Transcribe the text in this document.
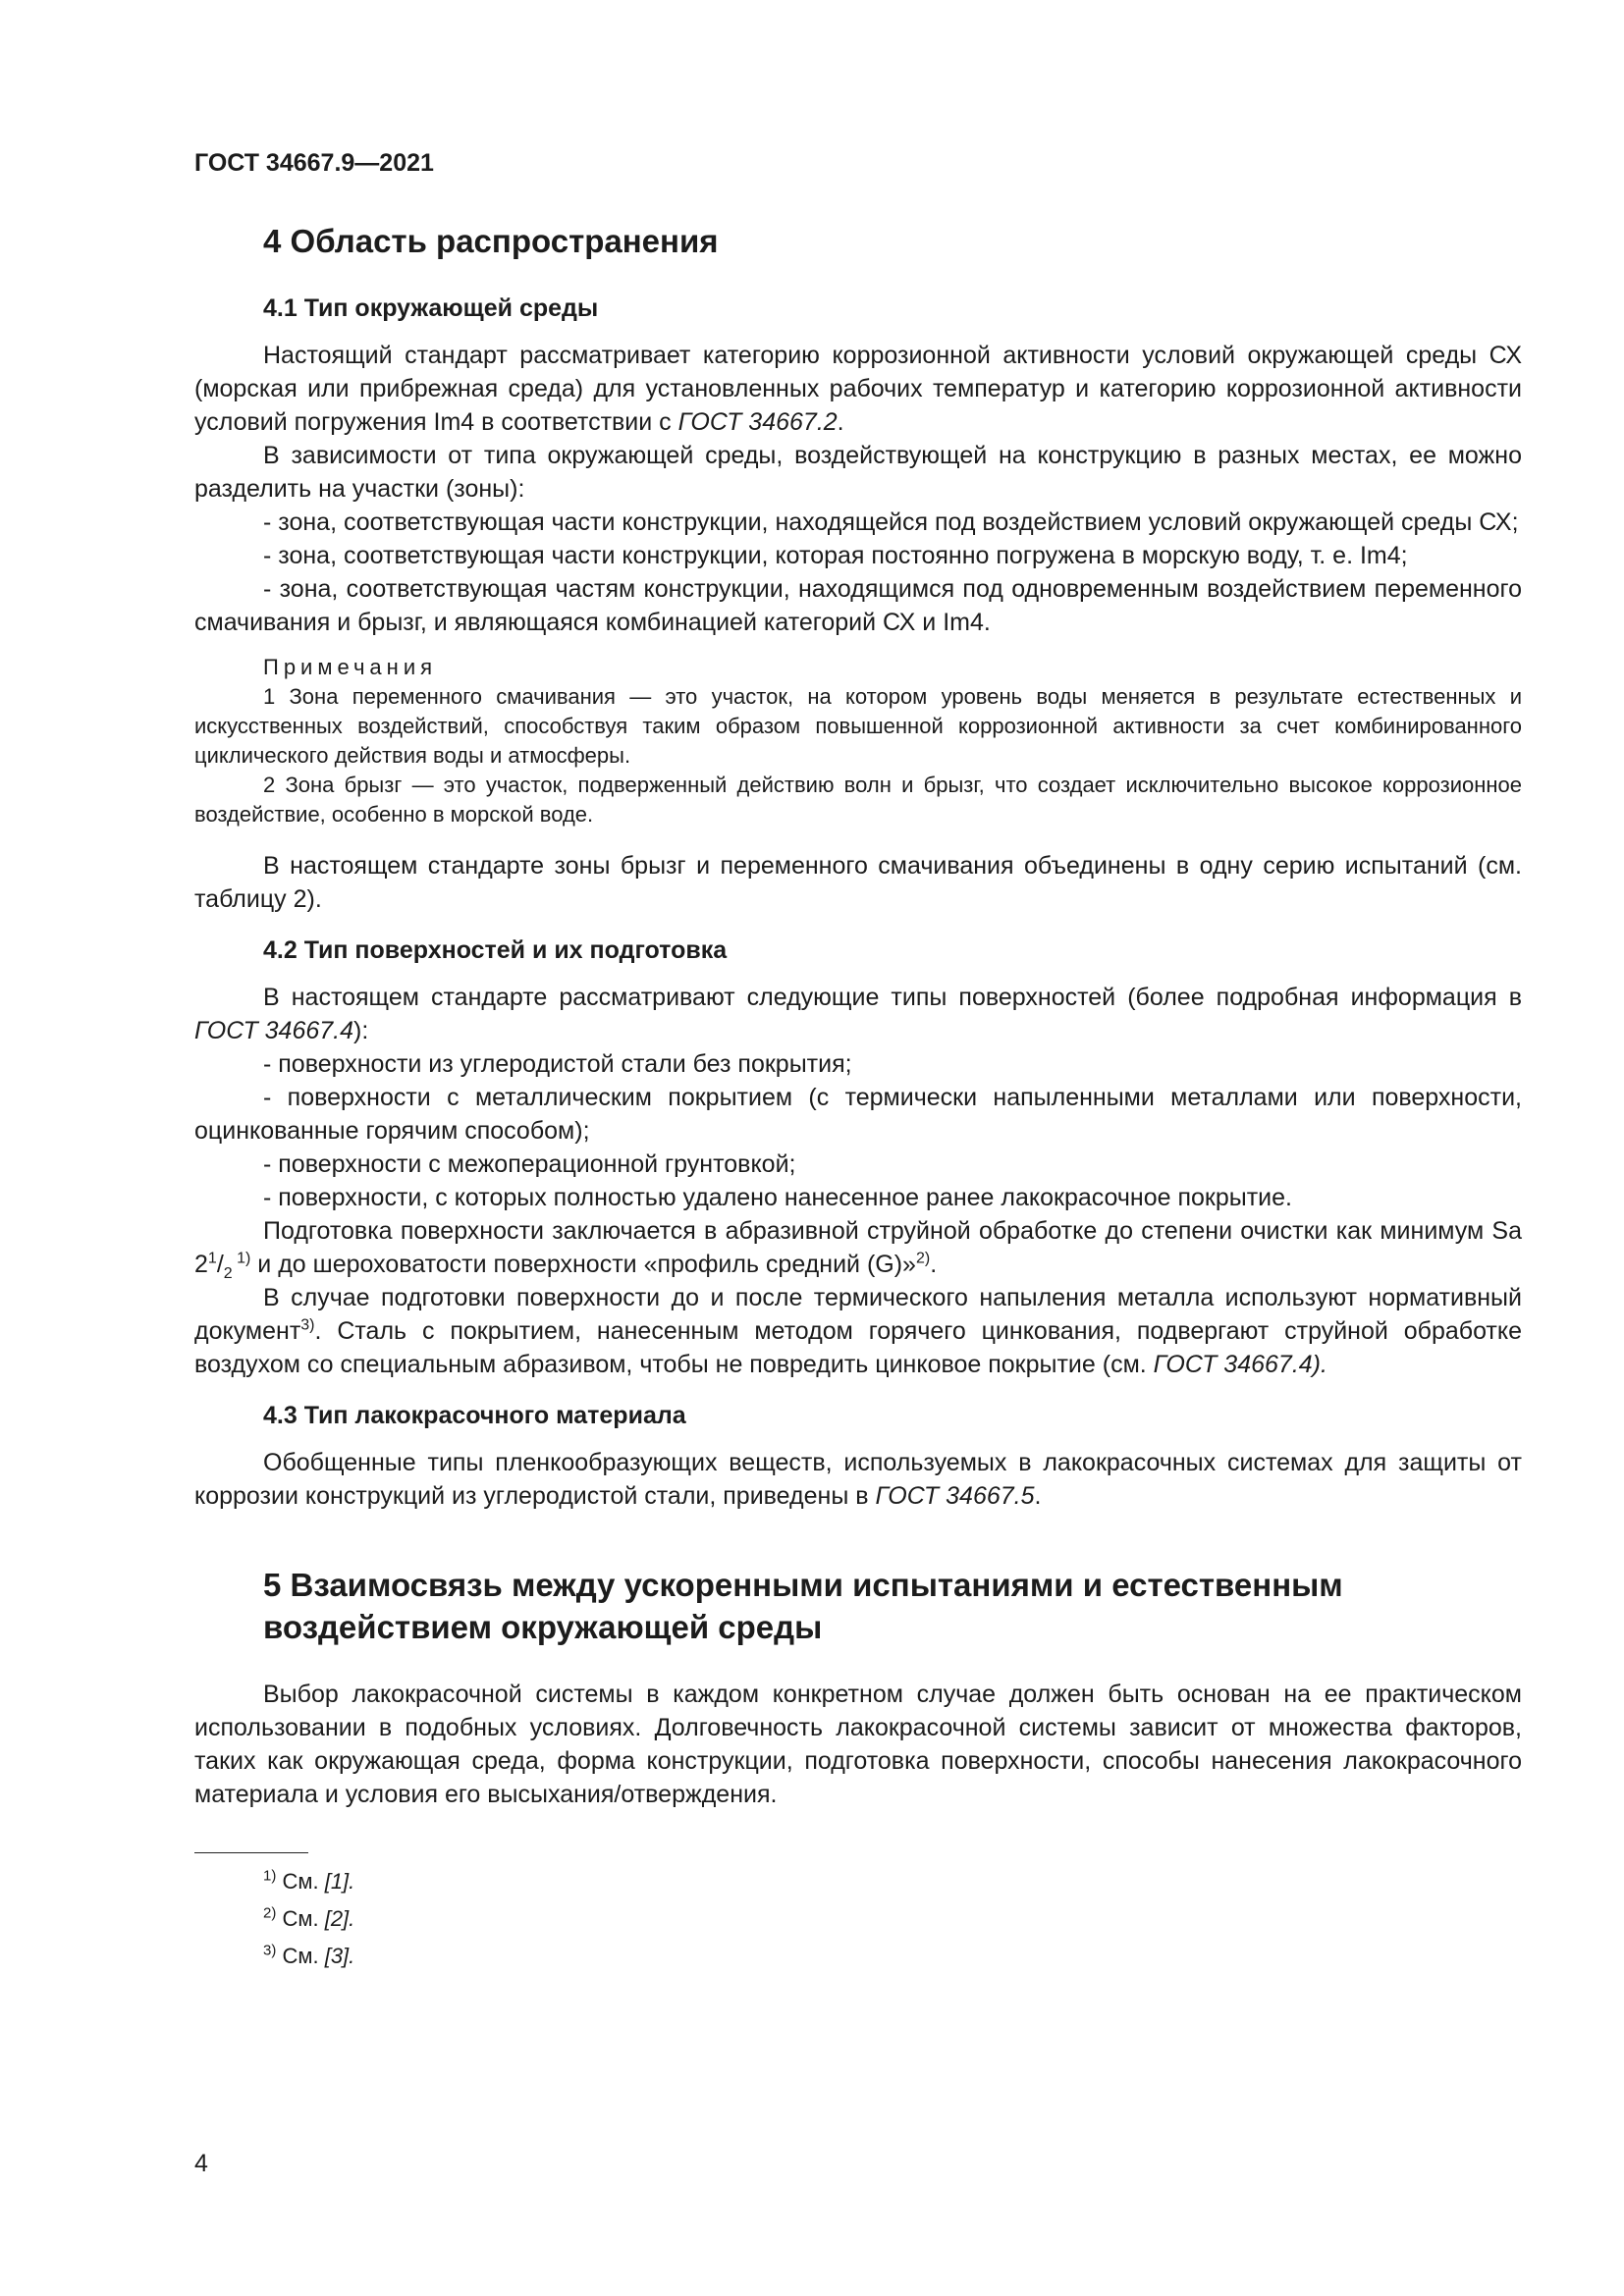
ГОСТ 34667.9—2021
4 Область распространения
4.1 Тип окружающей среды

Настоящий стандарт рассматривает категорию коррозионной активности условий окружающей среды СХ (морская или прибрежная среда) для установленных рабочих температур и категорию коррозионной активности условий погружения Im4 в соответствии с ГОСТ 34667.2.

В зависимости от типа окружающей среды, воздействующей на конструкцию в разных местах, ее можно разделить на участки (зоны):

- зона, соответствующая части конструкции, находящейся под воздействием условий окружающей среды СХ;

- зона, соответствующая части конструкции, которая постоянно погружена в морскую воду, т. е. Im4;

- зона, соответствующая частям конструкции, находящимся под одновременным воздействием переменного смачивания и брызг, и являющаяся комбинацией категорий СХ и Im4.

Примечания

1 Зона переменного смачивания — это участок, на котором уровень воды меняется в результате естественных и искусственных воздействий, способствуя таким образом повышенной коррозионной активности за счет комбинированного циклического действия воды и атмосферы.

2 Зона брызг — это участок, подверженный действию волн и брызг, что создает исключительно высокое коррозионное воздействие, особенно в морской воде.

В настоящем стандарте зоны брызг и переменного смачивания объединены в одну серию испытаний (см. таблицу 2).

4.2 Тип поверхностей и их подготовка

В настоящем стандарте рассматривают следующие типы поверхностей (более подробная информация в ГОСТ 34667.4):

- поверхности из углеродистой стали без покрытия;

- поверхности с металлическим покрытием (с термически напыленными металлами или поверхности, оцинкованные горячим способом);

- поверхности с межоперационной грунтовкой;

- поверхности, с которых полностью удалено нанесенное ранее лакокрасочное покрытие.

Подготовка поверхности заключается в абразивной струйной обработке до степени очистки как минимум Sa $2^1/_2$ $^{1)}$ и до шероховатости поверхности «профиль средний (G)»$^{2)}$.

В случае подготовки поверхности до и после термического напыления металла используют нормативный документ$^{3)}$. Сталь с покрытием, нанесенным методом горячего цинкования, подвергают струйной обработке воздухом со специальным абразивом, чтобы не повредить цинковое покрытие (см. ГОСТ 34667.4).

4.3 Тип лакокрасочного материала

Обобщенные типы пленкообразующих веществ, используемых в лакокрасочных системах для защиты от коррозии конструкций из углеродистой стали, приведены в ГОСТ 34667.5.

5 Взаимосвязь между ускоренными испытаниями и естественным
воздействием окружающей среды

Выбор лакокрасочной системы в каждом конкретном случае должен быть основан на ее практическом использовании в подобных условиях. Долговечность лакокрасочной системы зависит от множества факторов, таких как окружающая среда, форма конструкции, подготовка поверхности, способы нанесения лакокрасочного материала и условия его высыхания/отверждения.

$^{1)}$ См. [1].
$^{2)}$ См. [2].
$^{3)}$ См. [3].
4
